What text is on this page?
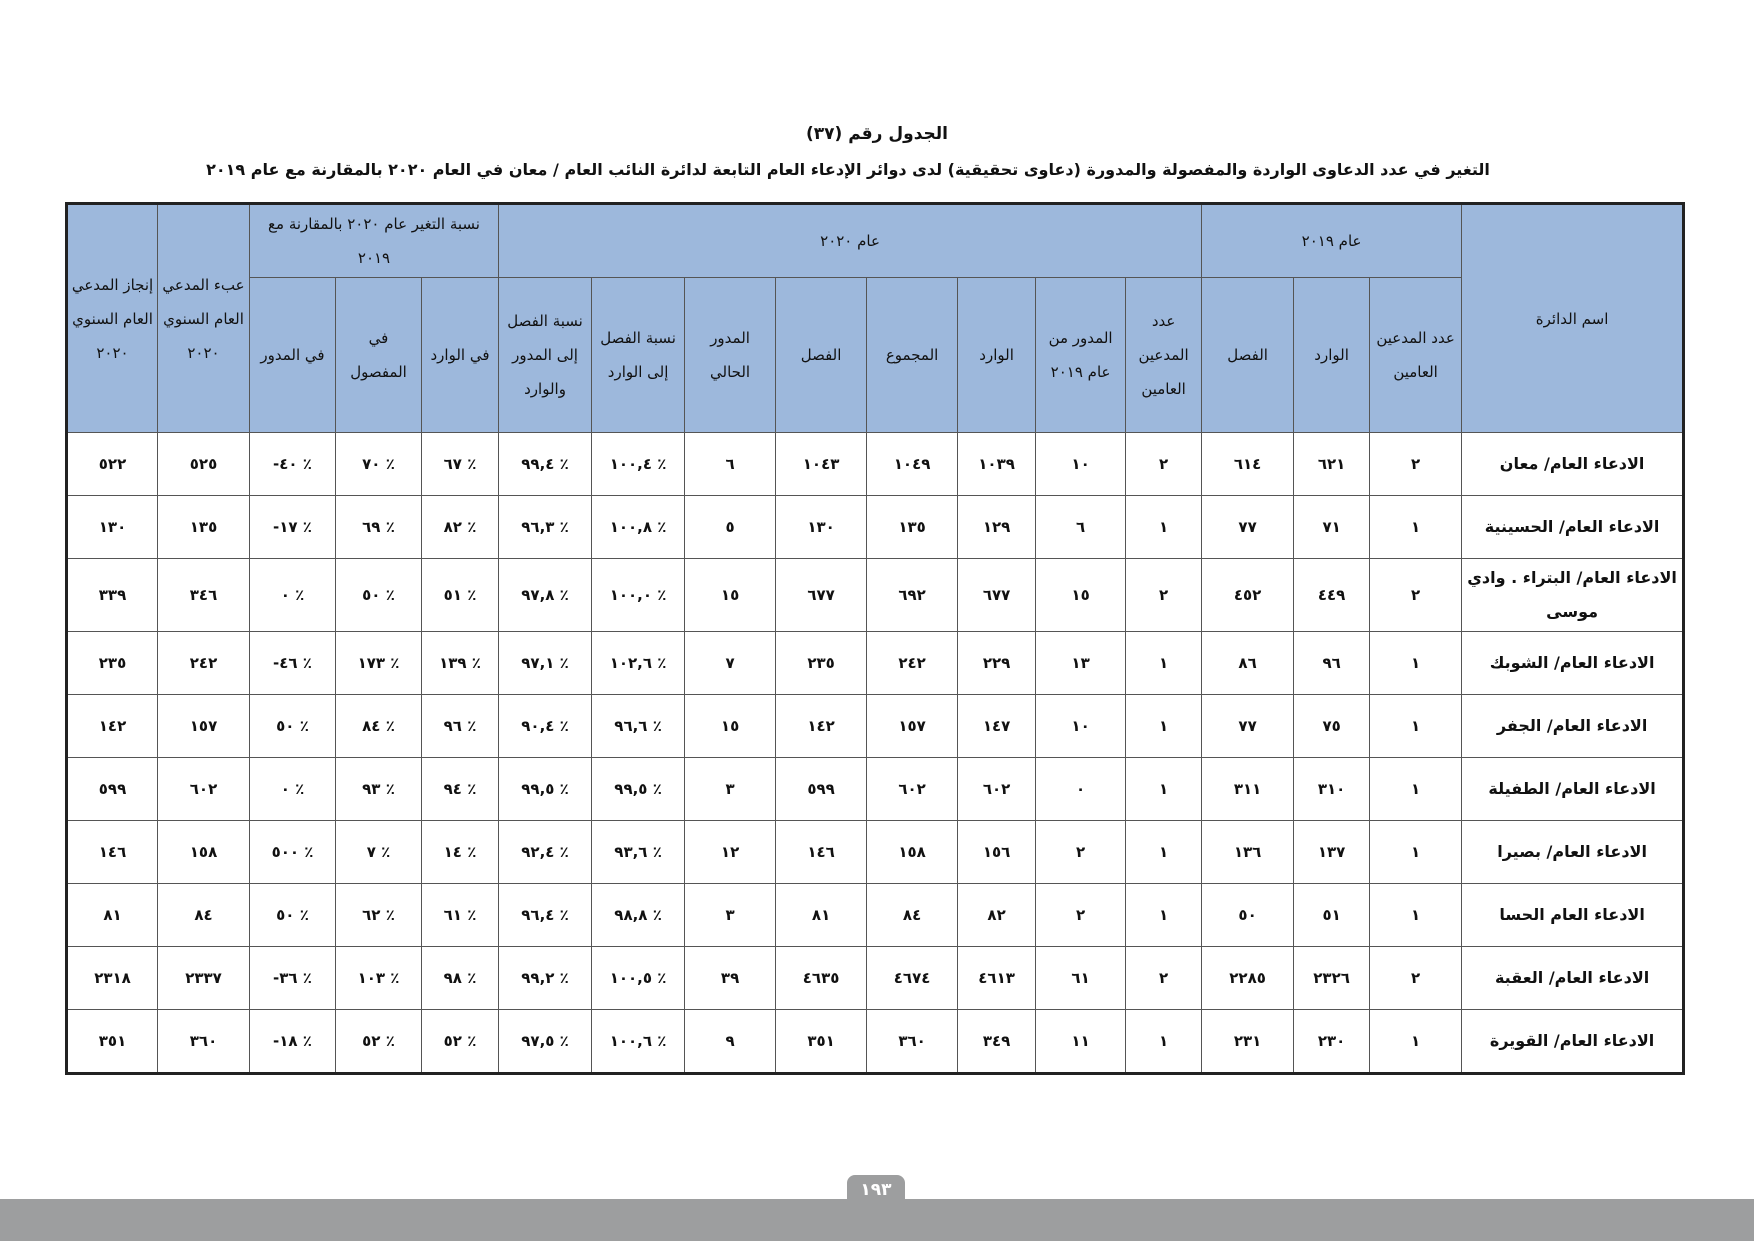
الجدول رقم (٣٧)
التغير في عدد الدعاوى الواردة والمفصولة والمدورة (دعاوى تحقيقية) لدى دوائر الإدعاء العام التابعة لدائرة النائب العام / معان في العام ٢٠٢٠ بالمقارنة مع عام ٢٠١٩
اسم الدائرة	عام ٢٠١٩			عام ٢٠٢٠								نسبة التغير عام ٢٠٢٠ بالمقارنة مع ٢٠١٩			عبء المدعي العام السنوي ٢٠٢٠	إنجاز المدعي العام السنوي ٢٠٢٠
	عدد المدعين العامين	الوارد	الفصل	عدد المدعين العامين	المدور من عام ٢٠١٩	الوارد	المجموع	الفصل	المدور الحالي	نسبة الفصل إلى الوارد	نسبة الفصل إلى المدور والوارد	في الوارد	في المفصول	في المدور		
الادعاء العام/ معان	٢	٦٢١	٦١٤	٢	١٠	١٠٣٩	١٠٤٩	١٠٤٣	٦	٪ ١٠٠,٤	٪ ٩٩,٤	٪ ٦٧	٪ ٧٠	٪ ٤٠-	٥٢٥	٥٢٢
الادعاء العام/ الحسينية	١	٧١	٧٧	١	٦	١٢٩	١٣٥	١٣٠	٥	٪ ١٠٠,٨	٪ ٩٦,٣	٪ ٨٢	٪ ٦٩	٪ ١٧-	١٣٥	١٣٠
الادعاء العام/ البتراء . وادي موسى	٢	٤٤٩	٤٥٢	٢	١٥	٦٧٧	٦٩٢	٦٧٧	١٥	٪ ١٠٠,٠	٪ ٩٧,٨	٪ ٥١	٪ ٥٠	٪ ٠	٣٤٦	٣٣٩
الادعاء العام/ الشوبك	١	٩٦	٨٦	١	١٣	٢٢٩	٢٤٢	٢٣٥	٧	٪ ١٠٢,٦	٪ ٩٧,١	٪ ١٣٩	٪ ١٧٣	٪ ٤٦-	٢٤٢	٢٣٥
الادعاء العام/ الجفر	١	٧٥	٧٧	١	١٠	١٤٧	١٥٧	١٤٢	١٥	٪ ٩٦,٦	٪ ٩٠,٤	٪ ٩٦	٪ ٨٤	٪ ٥٠	١٥٧	١٤٢
الادعاء العام/ الطفيلة	١	٣١٠	٣١١	١	٠	٦٠٢	٦٠٢	٥٩٩	٣	٪ ٩٩,٥	٪ ٩٩,٥	٪ ٩٤	٪ ٩٣	٪ ٠	٦٠٢	٥٩٩
الادعاء العام/ بصيرا	١	١٣٧	١٣٦	١	٢	١٥٦	١٥٨	١٤٦	١٢	٪ ٩٣,٦	٪ ٩٢,٤	٪ ١٤	٪ ٧	٪ ٥٠٠	١٥٨	١٤٦
الادعاء العام الحسا	١	٥١	٥٠	١	٢	٨٢	٨٤	٨١	٣	٪ ٩٨,٨	٪ ٩٦,٤	٪ ٦١	٪ ٦٢	٪ ٥٠	٨٤	٨١
الادعاء العام/ العقبة	٢	٢٣٢٦	٢٢٨٥	٢	٦١	٤٦١٣	٤٦٧٤	٤٦٣٥	٣٩	٪ ١٠٠,٥	٪ ٩٩,٢	٪ ٩٨	٪ ١٠٣	٪ ٣٦-	٢٣٣٧	٢٣١٨
الادعاء العام/ القويرة	١	٢٣٠	٢٣١	١	١١	٣٤٩	٣٦٠	٣٥١	٩	٪ ١٠٠,٦	٪ ٩٧,٥	٪ ٥٢	٪ ٥٢	٪ ١٨-	٣٦٠	٣٥١
١٩٣
